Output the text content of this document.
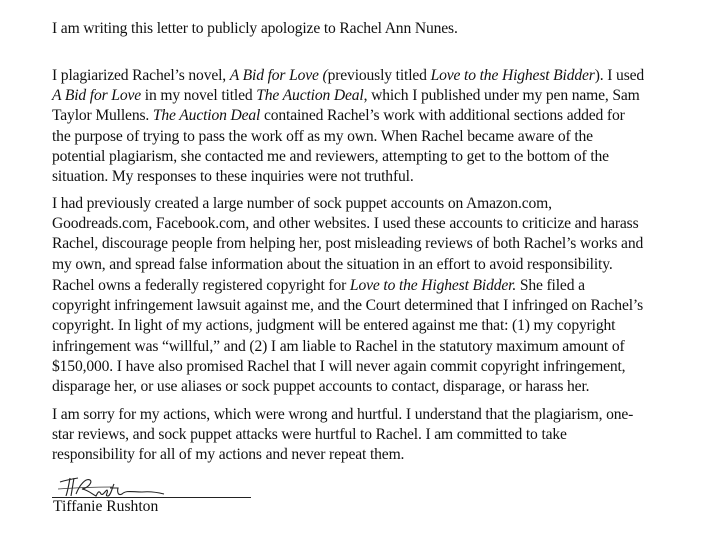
I am writing this letter to publicly apologize to Rachel Ann Nunes.

I plagiarized Rachel’s novel, A Bid for Love (previously titled Love to the Highest Bidder). I used
A Bid for Love in my novel titled The Auction Deal, which I published under my pen name, Sam
Taylor Mullens. The Auction Deal contained Rachel’s work with additional sections added for
the purpose of trying to pass the work off as my own. When Rachel became aware of the
potential plagiarism, she contacted me and reviewers, attempting to get to the bottom of the
situation. My responses to these inquiries were not truthful.

I had previously created a large number of sock puppet accounts on Amazon.com,
Goodreads.com, Facebook.com, and other websites. I used these accounts to criticize and harass
Rachel, discourage people from helping her, post misleading reviews of both Rachel’s works and
my own, and spread false information about the situation in an effort to avoid responsibility.

Rachel owns a federally registered copyright for Love to the Highest Bidder. She filed a
copyright infringement lawsuit against me, and the Court determined that I infringed on Rachel’s
copyright. In light of my actions, judgment will be entered against me that: (1) my copyright
infringement was “willful,” and (2) I am liable to Rachel in the statutory maximum amount of
$150,000. I have also promised Rachel that I will never again commit copyright infringement,
disparage her, or use aliases or sock puppet accounts to contact, disparage, or harass her.

I am sorry for my actions, which were wrong and hurtful. I understand that the plagiarism, one-
star reviews, and sock puppet attacks were hurtful to Rachel. I am committed to take
responsibility for all of my actions and never repeat them.

Tiffanie Rushton
